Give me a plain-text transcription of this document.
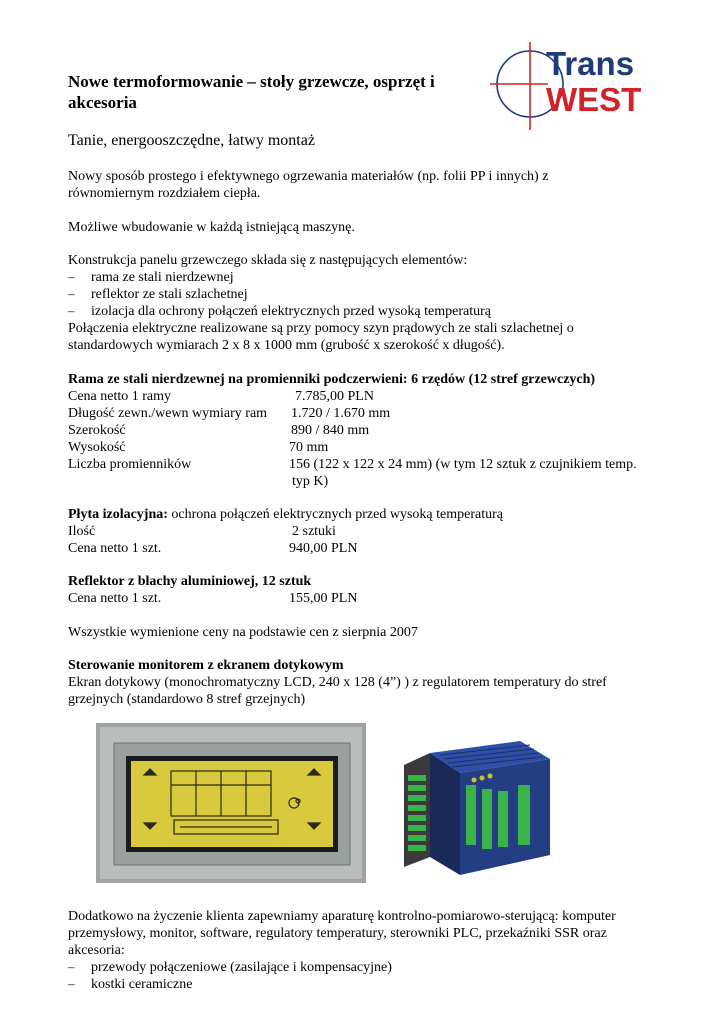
Trans
WEST
Nowe termoformowanie – stoły grzewcze, osprzęt i akcesoria
Tanie, energooszczędne, łatwy montaż
Nowy sposób prostego i efektywnego ogrzewania materiałów (np. folii PP i innych) z równomiernym rozdziałem ciepła.
Możliwe wbudowanie w każdą istniejącą maszynę.
Konstrukcja panelu grzewczego składa się z następujących elementów:
– rama ze stali nierdzewnej
– reflektor ze stali szlachetnej
– izolacja dla ochrony połączeń elektrycznych przed wysoką temperaturą
Połączenia elektryczne realizowane są przy pomocy szyn prądowych ze stali szlachetnej o standardowych wymiarach 2 x 8 x 1000 mm (grubość x szerokość x długość).
Rama ze stali nierdzewnej na promienniki podczerwieni: 6 rzędów (12 stref grzewczych)
Cena netto 1 ramy	7.785,00 PLN
Długość zewn./wewn wymiary ram 1.720 / 1.670 mm
Szerokość	890 / 840 mm
Wysokość	70 mm
Liczba promienników	156 (122 x 122 x 24 mm) (w tym 12 sztuk z czujnikiem temp.
typ K)
Płyta izolacyjna: ochrona połączeń elektrycznych przed wysoką temperaturą
Ilość	2 sztuki
Cena netto 1 szt.	940,00 PLN
Reflektor z blachy aluminiowej, 12 sztuk
Cena netto 1 szt.	155,00 PLN
Wszystkie wymienione ceny na podstawie cen z sierpnia 2007
Sterowanie monitorem z ekranem dotykowym
Ekran dotykowy (monochromatyczny LCD, 240 x 128 (4”) ) z regulatorem temperatury do stref grzejnych (standardowo 8 stref grzejnych)
Dodatkowo na życzenie klienta zapewniamy aparaturę kontrolno-pomiarowo-sterującą: komputer przemysłowy, monitor, software, regulatory temperatury, sterowniki PLC, przekaźniki SSR oraz akcesoria:
– przewody połączeniowe (zasilające i kompensacyjne)
– kostki ceramiczne
